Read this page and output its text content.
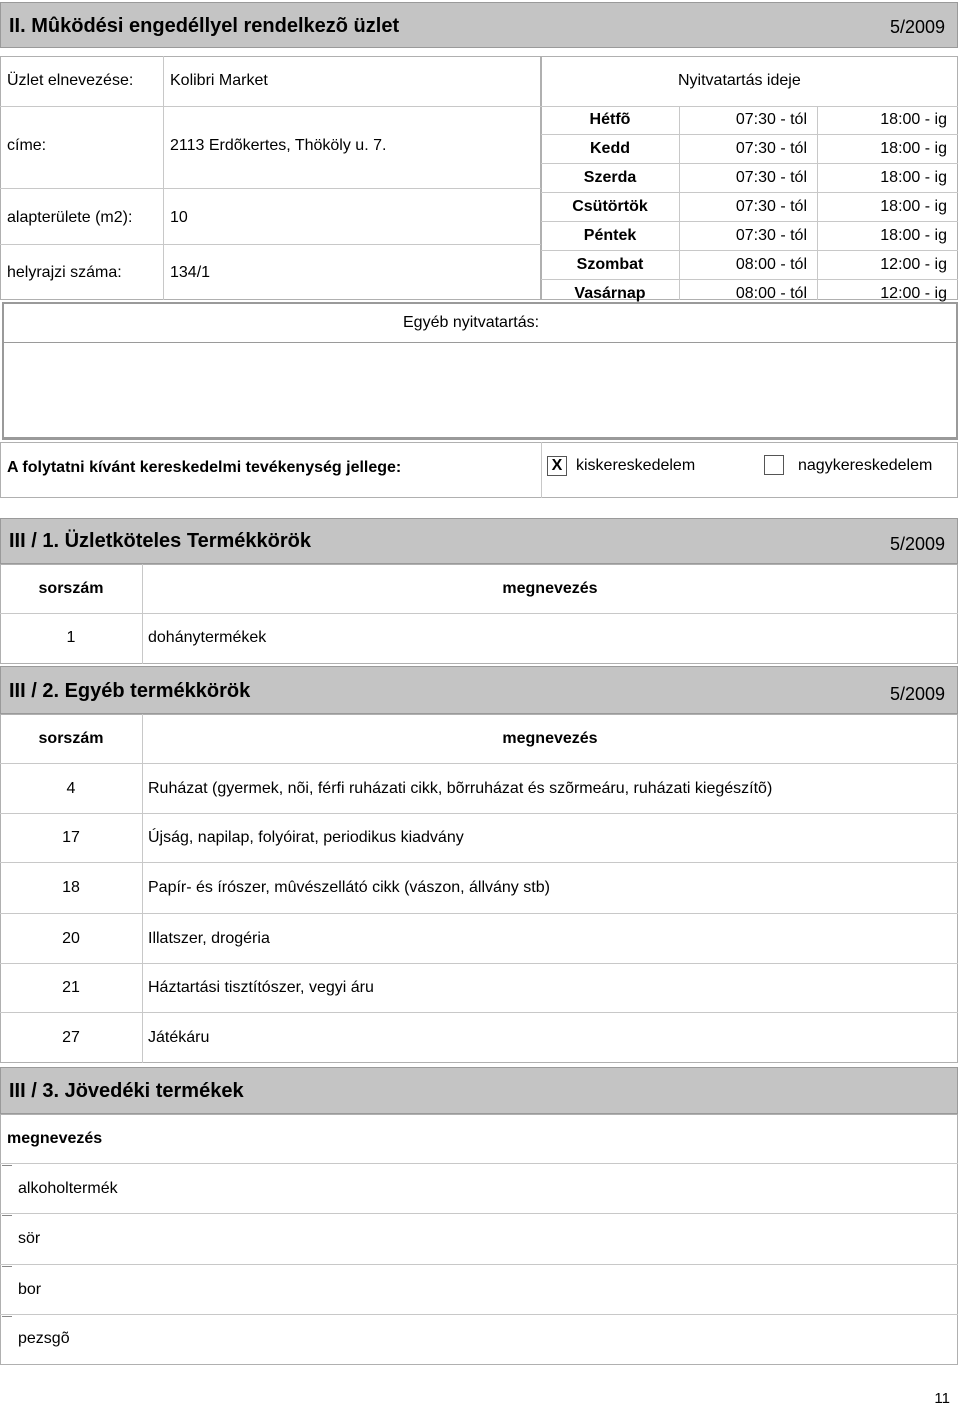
II. Mûködési engedéllyel rendelkezõ üzlet	5/2009
Üzlet elnevezése: Kolibri Market
címe:	2113 Erdõkertes, Thököly u. 7.
alapterülete (m2): 10
helyrajzi száma:	134/1
Nyitvatartás ideje
Hétfõ	07:30 - tól	18:00 - ig
Kedd	07:30 - tól	18:00 - ig
Szerda	07:30 - tól	18:00 - ig
Csütörtök	07:30 - tól	18:00 - ig
Péntek	07:30 - tól	18:00 - ig
Szombat	08:00 - tól	12:00 - ig
Vasárnap	08:00 - tól	12:00 - ig
Egyéb nyitvatartás:
A folytatni kívánt kereskedelmi tevékenység jellege:	X kiskereskedelem	nagykereskedelem
III / 1. Üzletköteles Termékkörök	5/2009
sorszám	megnevezés
1	dohánytermékek
III / 2. Egyéb termékkörök	5/2009
sorszám	megnevezés
4	Ruházat (gyermek, nõi, férfi ruházati cikk, bõrruházat és szõrmeáru, ruházati kiegészítõ)
17	Újság, napilap, folyóirat, periodikus kiadvány
18	Papír- és írószer, mûvészellátó cikk (vászon, állvány stb)
20	Illatszer, drogéria
21	Háztartási tisztítószer, vegyi áru
27	Játékáru
III / 3. Jövedéki termékek
megnevezés
alkoholtermék
sör
bor
pezsgõ
11
